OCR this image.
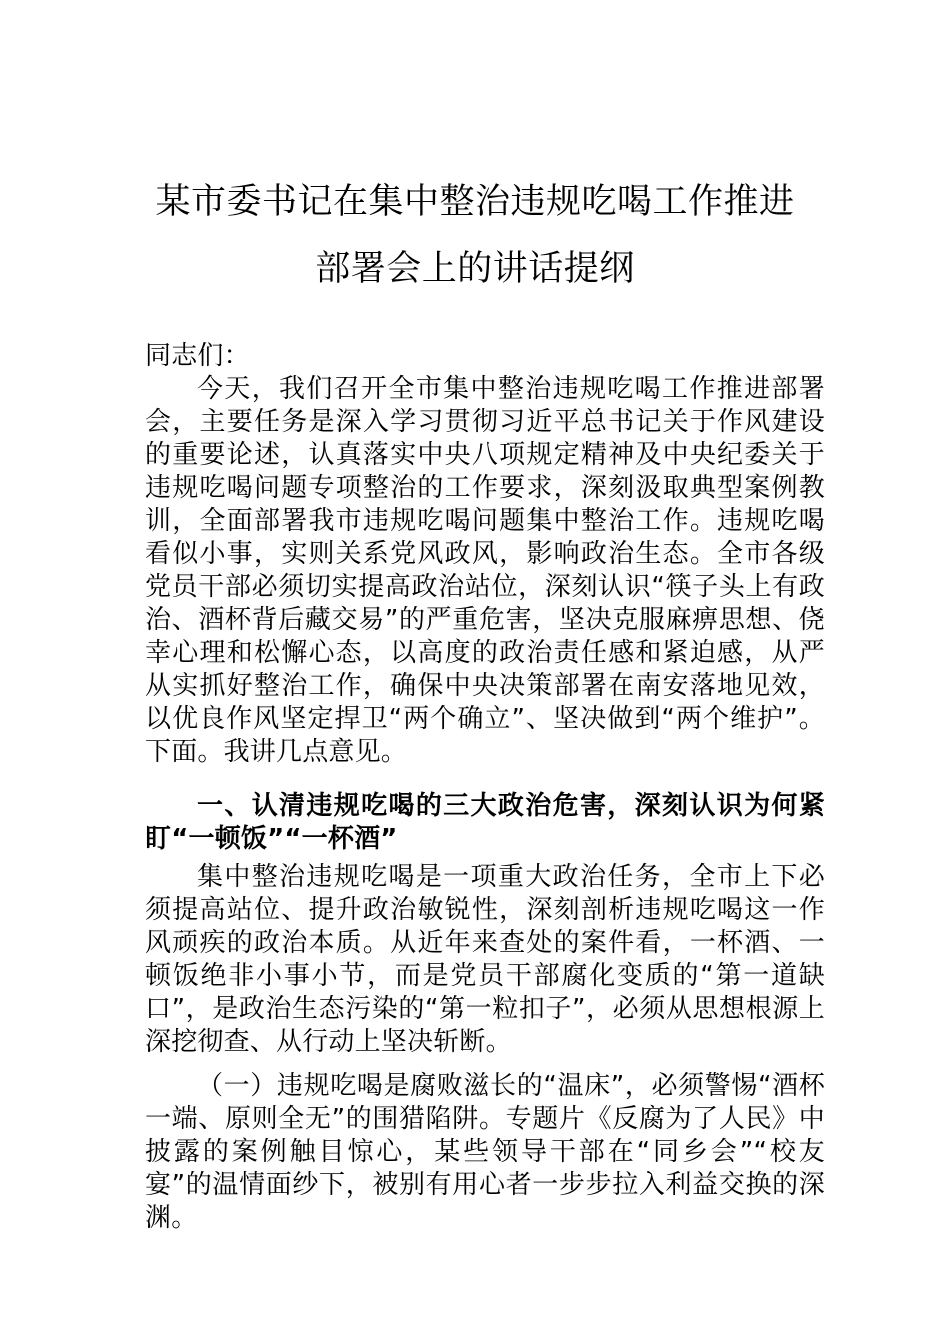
某市委书记在集中整治违规吃喝工作推进
部署会上的讲话提纲
同志们：

今天，我们召开全市集中整治违规吃喝工作推进部署会，主要任务是深入学习贯彻习近平总书记关于作风建设的重要论述，认真落实中央八项规定精神及中央纪委关于违规吃喝问题专项整治的工作要求，深刻汲取典型案例教训，全面部署我市违规吃喝问题集中整治工作。违规吃喝看似小事，实则关系党风政风，影响政治生态。全市各级党员干部必须切实提高政治站位，深刻认识“筷子头上有政治、酒杯背后藏交易”的严重危害，坚决克服麻痹思想、侥幸心理和松懈心态，以高度的政治责任感和紧迫感，从严从实抓好整治工作，确保中央决策部署在南安落地见效，以优良作风坚定捍卫“两个确立”、坚决做到“两个维护”。下面。我讲几点意见。

一、认清违规吃喝的三大政治危害，深刻认识为何紧盯“一顿饭”“一杯酒”

集中整治违规吃喝是一项重大政治任务，全市上下必须提高站位、提升政治敏锐性，深刻剖析违规吃喝这一作风顽疾的政治本质。从近年来查处的案件看，一杯酒、一顿饭绝非小事小节，而是党员干部腐化变质的“第一道缺口”，是政治生态污染的“第一粒扣子”，必须从思想根源上深挖彻查、从行动上坚决斩断。

（一）违规吃喝是腐败滋长的“温床”，必须警惕“酒杯一端、原则全无”的围猎陷阱。专题片《反腐为了人民》中披露的案例触目惊心，某些领导干部在“同乡会”“校友宴”的温情面纱下，被别有用心者一步步拉入利益交换的深渊。
